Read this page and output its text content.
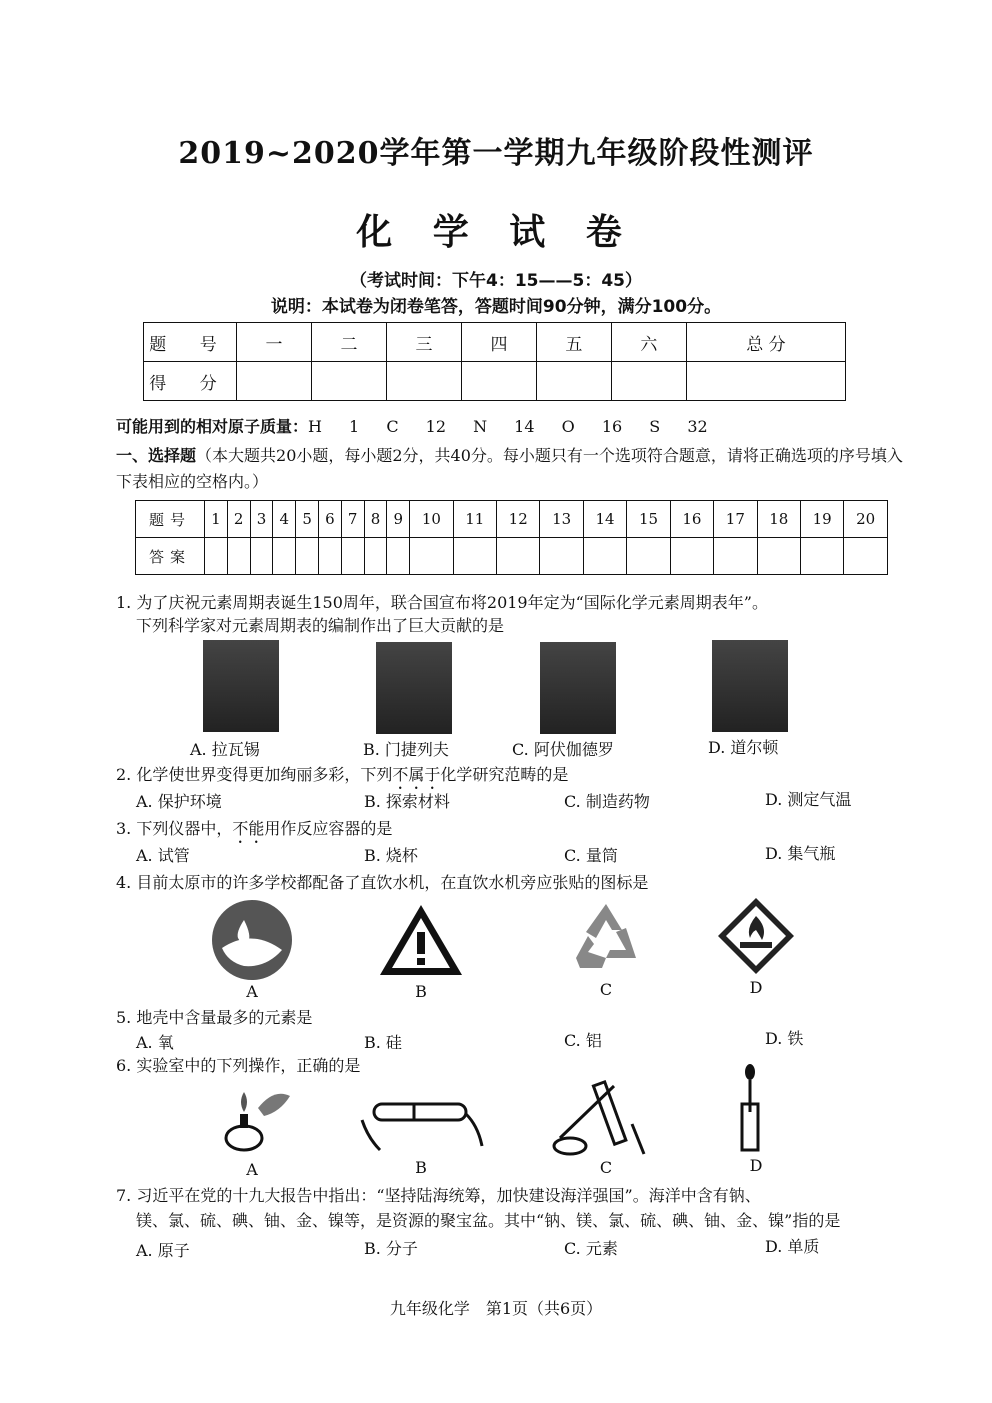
2019~2020学年第一学期九年级阶段性测评
化 学 试 卷
（考试时间：下午4：15——5：45）
说明：本试卷为闭卷笔答，答题时间90分钟，满分100分。
题 号	一	二	三	四	五	六	总 分
得 分							
可能用到的相对原子质量：H 1 C 12 N 14 O 16 S 32
一、选择题（本大题共20小题，每小题2分，共40分。每小题只有一个选项符合题意，请将正确选项的序号填入下表相应的空格内。）
题号	1	2	3	4	5	6	7	8	9	10	11	12	13	14	15	16	17	18	19	20
答案																				
1. 为了庆祝元素周期表诞生150周年，联合国宣布将2019年定为“国际化学元素周期表年”。
下列科学家对元素周期表的编制作出了巨大贡献的是
A. 拉瓦锡	B. 门捷列夫	C. 阿伏伽德罗	D. 道尔顿
2. 化学使世界变得更加绚丽多彩，下列不属于化学研究范畴的是
A. 保护环境	B. 探索材料	C. 制造药物	D. 测定气温
3. 下列仪器中，不能用作反应容器的是
A. 试管	B. 烧杯	C. 量筒	D. 集气瓶
4. 目前太原市的许多学校都配备了直饮水机，在直饮水机旁应张贴的图标是
A	B	C	D
5. 地壳中含量最多的元素是
A. 氧	B. 硅	C. 铝	D. 铁
6. 实验室中的下列操作，正确的是
A	B	C	D
7. 习近平在党的十九大报告中指出：“坚持陆海统筹，加快建设海洋强国”。海洋中含有钠、
镁、氯、硫、碘、铀、金、镍等，是资源的聚宝盆。其中“钠、镁、氯、硫、碘、铀、金、镍”指的是
A. 原子	B. 分子	C. 元素	D. 单质
九年级化学　第1页（共6页）
